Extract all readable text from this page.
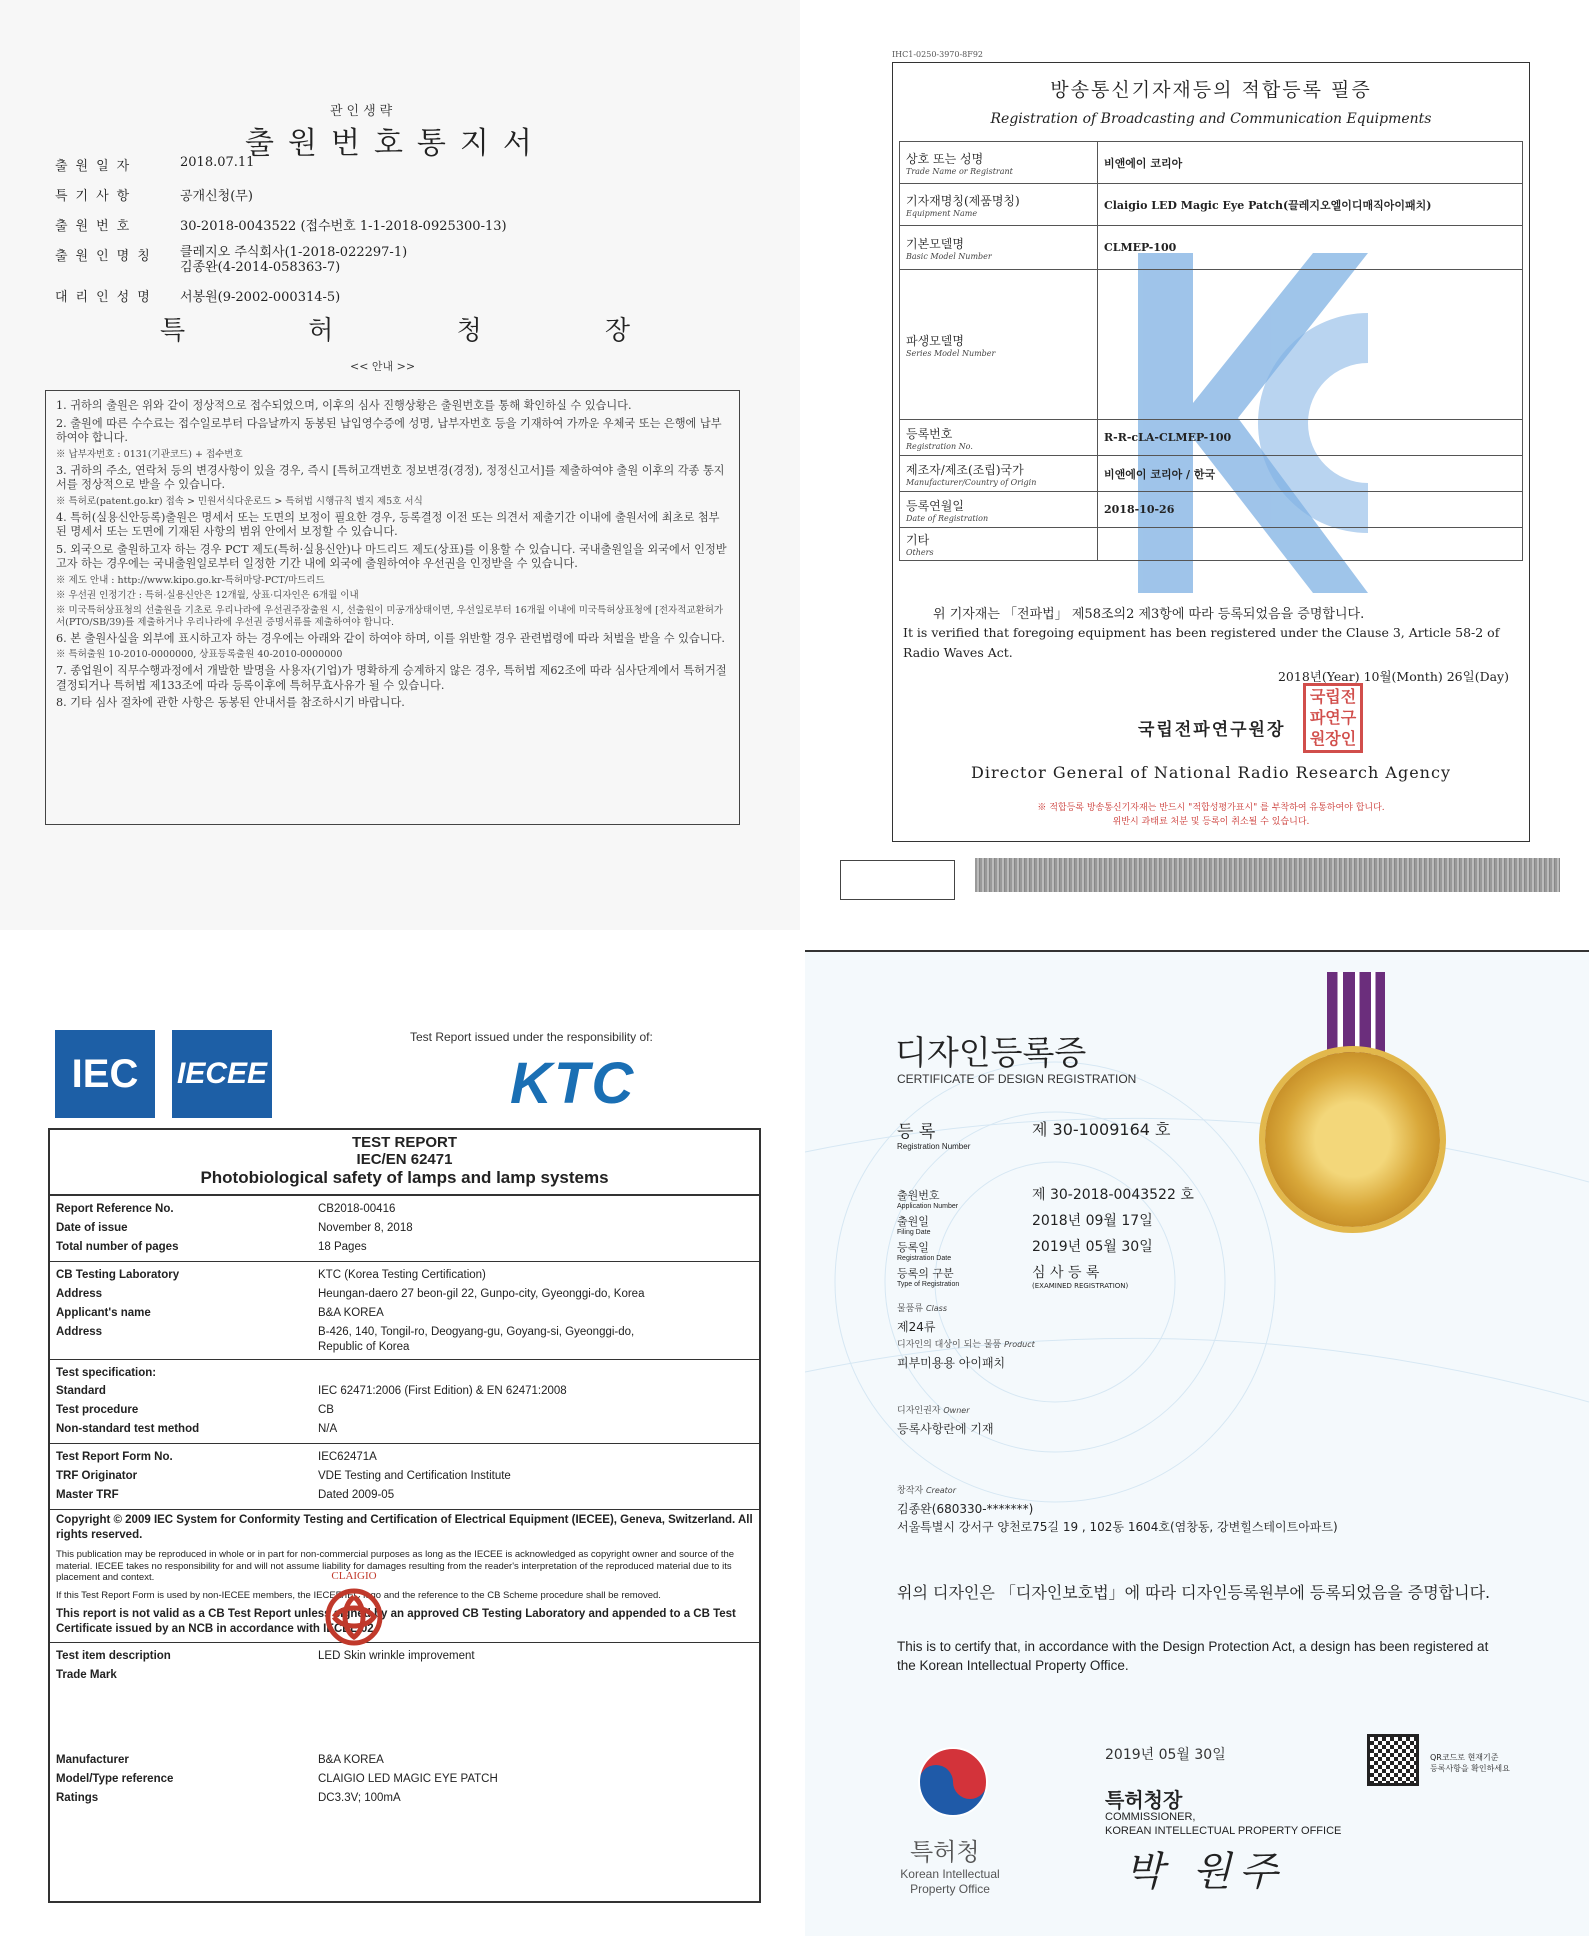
관인생략
출원번호통지서
출원일자	2018.07.11
특기사항	공개신청(무)
출원번호	30-2018-0043522 (접수번호 1-1-2018-0925300-13)
출원인명칭	클레지오 주식회사(1-2018-022297-1)
김종완(4-2014-058363-7)
대리인성명	서봉원(9-2002-000314-5)
특	허	청	장
<< 안내 >>

1. 귀하의 출원은 위와 같이 정상적으로 접수되었으며, 이후의 심사 진행상황은 출원번호를 통해 확인하실 수 있습니다.

2. 출원에 따른 수수료는 접수일로부터 다음날까지 동봉된 납입영수증에 성명, 납부자번호 등을 기재하여 가까운 우체국 또는 은행에 납부하여야 합니다.

※ 납부자번호 : 0131(기관코드) + 접수번호

3. 귀하의 주소, 연락처 등의 변경사항이 있을 경우, 즉시 [특허고객번호 정보변경(경정), 정정신고서]를 제출하여야 출원 이후의 각종 통지서를 정상적으로 받을 수 있습니다.

※ 특허로(patent.go.kr) 접속 > 민원서식다운로드 > 특허법 시행규칙 별지 제5호 서식

4. 특허(실용신안등록)출원은 명세서 또는 도면의 보정이 필요한 경우, 등록결정 이전 또는 의견서 제출기간 이내에 출원서에 최초로 첨부된 명세서 또는 도면에 기재된 사항의 범위 안에서 보정할 수 있습니다.

5. 외국으로 출원하고자 하는 경우 PCT 제도(특허·실용신안)나 마드리드 제도(상표)를 이용할 수 있습니다. 국내출원일을 외국에서 인정받고자 하는 경우에는 국내출원일로부터 일정한 기간 내에 외국에 출원하여야 우선권을 인정받을 수 있습니다.

※ 제도 안내 : http://www.kipo.go.kr-특허마당-PCT/마드리드

※ 우선권 인정기간 : 특허·실용신안은 12개월, 상표·디자인은 6개월 이내

※ 미국특허상표청의 선출원을 기초로 우리나라에 우선권주장출원 시, 선출원이 미공개상태이면, 우선일로부터 16개월 이내에 미국특허상표청에 [전자적교환허가서(PTO/SB/39)를 제출하거나 우리나라에 우선권 증명서류를 제출하여야 합니다.

6. 본 출원사실을 외부에 표시하고자 하는 경우에는 아래와 같이 하여야 하며, 이를 위반할 경우 관련법령에 따라 처벌을 받을 수 있습니다.

※ 특허출원 10-2010-0000000, 상표등록출원 40-2010-0000000

7. 종업원이 직무수행과정에서 개발한 발명을 사용자(기업)가 명확하게 승계하지 않은 경우, 특허법 제62조에 따라 심사단계에서 특허거절결정되거나 특허법 제133조에 따라 등록이후에 특허무효사유가 될 수 있습니다.

8. 기타 심사 절차에 관한 사항은 동봉된 안내서를 참조하시기 바랍니다.

IHC1-0250-3970-8F92
방송통신기자재등의 적합등록 필증
Registration of Broadcasting and Communication Equipments
상호 또는 성명
Trade Name or Registrant	비앤에이 코리아
기자재명칭(제품명칭)
Equipment Name	Claigio LED Magic Eye Patch(끌레지오엘이디매직아이패치)
기본모델명
Basic Model Number	CLMEP-100
파생모델명
Series Model Number	

등록번호
Registration No.	R-R-cLA-CLMEP-100
제조자/제조(조립)국가
Manufacturer/Country of Origin	비앤에이 코리아 / 한국
등록연월일
Date of Registration	2018-10-26
기타
Others	

위 기자재는 「전파법」 제58조의2 제3항에 따라 등록되었음을 증명합니다.
It is verified that foregoing equipment has been registered under the Clause 3, Article 58-2 of Radio Waves Act.
2018년(Year) 10월(Month) 26일(Day)
국립전파연구원장
국립전파연구원장인
Director General of National Radio Research Agency
※ 적합등록 방송통신기자재는 반드시 "적합성평가표시" 를 부착하여 유통하여야 합니다.
위반시 과태료 처분 및 등록이 취소될 수 있습니다.
IEC	IECEE
Test Report issued under the responsibility of:
KTC
TEST REPORT
IEC/EN 62471
Photobiological safety of lamps and lamp systems
Report Reference No.	CB2018-00416
Date of issue	November 8, 2018
Total number of pages	18 Pages
CB Testing Laboratory	KTC (Korea Testing Certification)
Address	Heungan-daero 27 beon-gil 22, Gunpo-city, Gyeonggi-do, Korea
Applicant's name	B&A KOREA
Address	B-426, 140, Tongil-ro, Deogyang-gu, Goyang-si, Gyeonggi-do,
Republic of Korea
Test specification:
Standard	IEC 62471:2006 (First Edition) & EN 62471:2008
Test procedure	CB
Non-standard test method	N/A
Test Report Form No.	IEC62471A
TRF Originator	VDE Testing and Certification Institute
Master TRF	Dated 2009-05
Copyright © 2009 IEC System for Conformity Testing and Certification of Electrical Equipment (IECEE), Geneva, Switzerland. All rights reserved.
This publication may be reproduced in whole or in part for non-commercial purposes as long as the IECEE is acknowledged as copyright owner and source of the material. IECEE takes no responsibility for and will not assume liability for damages resulting from the reader's interpretation of the reproduced material due to its placement and context.
If this Test Report Form is used by non-IECEE members, the IECEE/IEC logo and the reference to the CB Scheme procedure shall be removed.
This report is not valid as a CB Test Report unless signed by an approved CB Testing Laboratory and appended to a CB Test Certificate issued by an NCB in accordance with IECEE 02.
Test item description	LED Skin wrinkle improvement
Trade Mark
Manufacturer	B&A KOREA
Model/Type reference	CLAIGIO LED MAGIC EYE PATCH
Ratings	DC3.3V; 100mA
CLAIGIO
디자인등록증
CERTIFICATE OF DESIGN REGISTRATION
등 록
Registration Number
제 30-1009164 호
출원번호
Application Number
제 30-2018-0043522 호
출원일
Filing Date
2018년 09월 17일
등록일
Registration Date
2019년 05월 30일
등록의 구분
Type of Registration
심 사 등 록
(EXAMINED REGISTRATION)
물품류 Class
제24류
디자인의 대상이 되는 물품 Product
피부미용용 아이패치
디자인권자 Owner
등록사항란에 기재
창작자 Creator
김종완(680330-*******)
서울특별시 강서구 양천로75길 19 , 102동 1604호(염창동, 강변힐스테이트아파트)
위의 디자인은 「디자인보호법」에 따라 디자인등록원부에 등록되었음을 증명합니다.
This is to certify that, in accordance with the Design Protection Act, a design has been registered at the Korean Intellectual Property Office.
특허청
Korean Intellectual
Property Office
2019년 05월 30일	QR코드로 현재기준
등록사항을 확인하세요
특허청장
COMMISSIONER,
KOREAN INTELLECTUAL PROPERTY OFFICE
박 원주
